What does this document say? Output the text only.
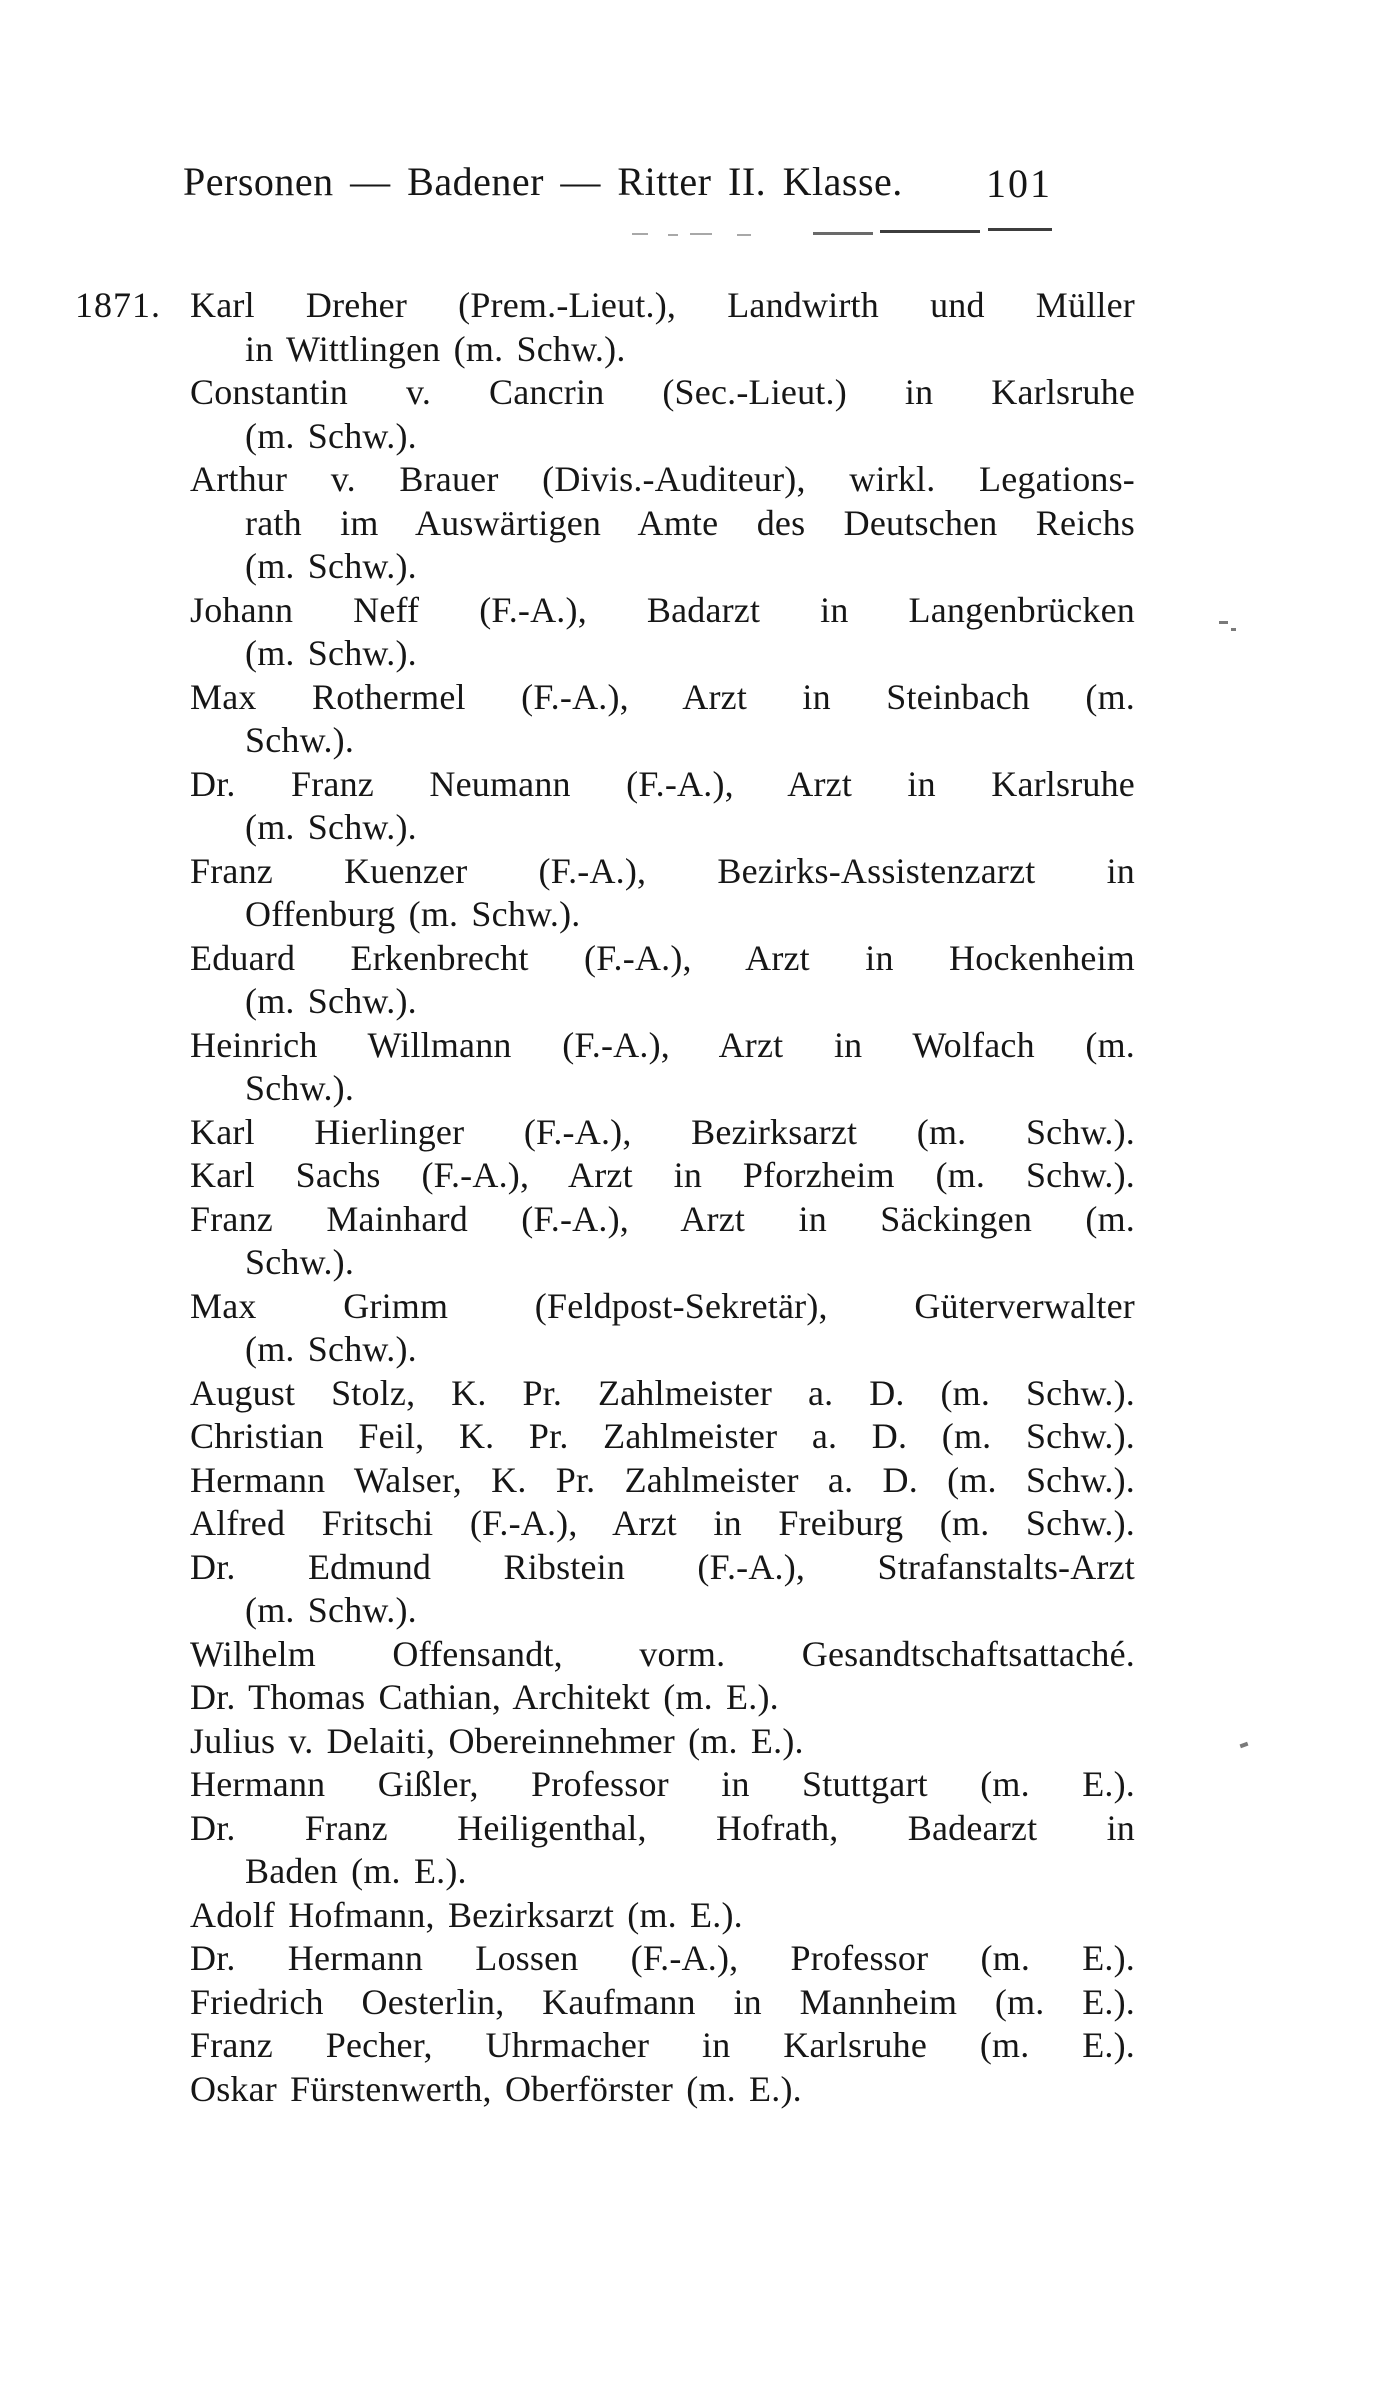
Personen — Badener — Ritter II. Klasse. 101
Karl Dreher (Prem.-Lieut.), Landwirth und Müller
1871.
in Wittlingen (m. Schw.).
Constantin v. Cancrin (Sec.-Lieut.) in Karlsruhe
(m. Schw.).
Arthur v. Brauer (Divis.-Auditeur), wirkl. Legations-
rath im Auswärtigen Amte des Deutschen Reichs
(m. Schw.).
Johann Neff (F.-A.), Badarzt in Langenbrücken
(m. Schw.).
Max Rothermel (F.-A.), Arzt in Steinbach (m.
Schw.).
Dr. Franz Neumann (F.-A.), Arzt in Karlsruhe
(m. Schw.).
Franz Kuenzer (F.-A.), Bezirks-Assistenzarzt in
Offenburg (m. Schw.).
Eduard Erkenbrecht (F.-A.), Arzt in Hockenheim
(m. Schw.).
Heinrich Willmann (F.-A.), Arzt in Wolfach (m.
Schw.).
Karl Hierlinger (F.-A.), Bezirksarzt (m. Schw.).
Karl Sachs (F.-A.), Arzt in Pforzheim (m. Schw.).
Franz Mainhard (F.-A.), Arzt in Säckingen (m.
Schw.).
Max Grimm (Feldpost-Sekretär), Güterverwalter
(m. Schw.).
August Stolz, K. Pr. Zahlmeister a. D. (m. Schw.).
Christian Feil, K. Pr. Zahlmeister a. D. (m. Schw.).
Hermann Walser, K. Pr. Zahlmeister a. D. (m. Schw.).
Alfred Fritschi (F.-A.), Arzt in Freiburg (m. Schw.).
Dr. Edmund Ribstein (F.-A.), Strafanstalts-Arzt
(m. Schw.).
Wilhelm Offensandt, vorm. Gesandtschaftsattaché.
Dr. Thomas Cathian, Architekt (m. E.).
Julius v. Delaiti, Obereinnehmer (m. E.).
Hermann Gißler, Professor in Stuttgart (m. E.).
Dr. Franz Heiligenthal, Hofrath, Badearzt in
Baden (m. E.).
Adolf Hofmann, Bezirksarzt (m. E.).
Dr. Hermann Lossen (F.-A.), Professor (m. E.).
Friedrich Oesterlin, Kaufmann in Mannheim (m. E.).
Franz Pecher, Uhrmacher in Karlsruhe (m. E.).
Oskar Fürstenwerth, Oberförster (m. E.).
